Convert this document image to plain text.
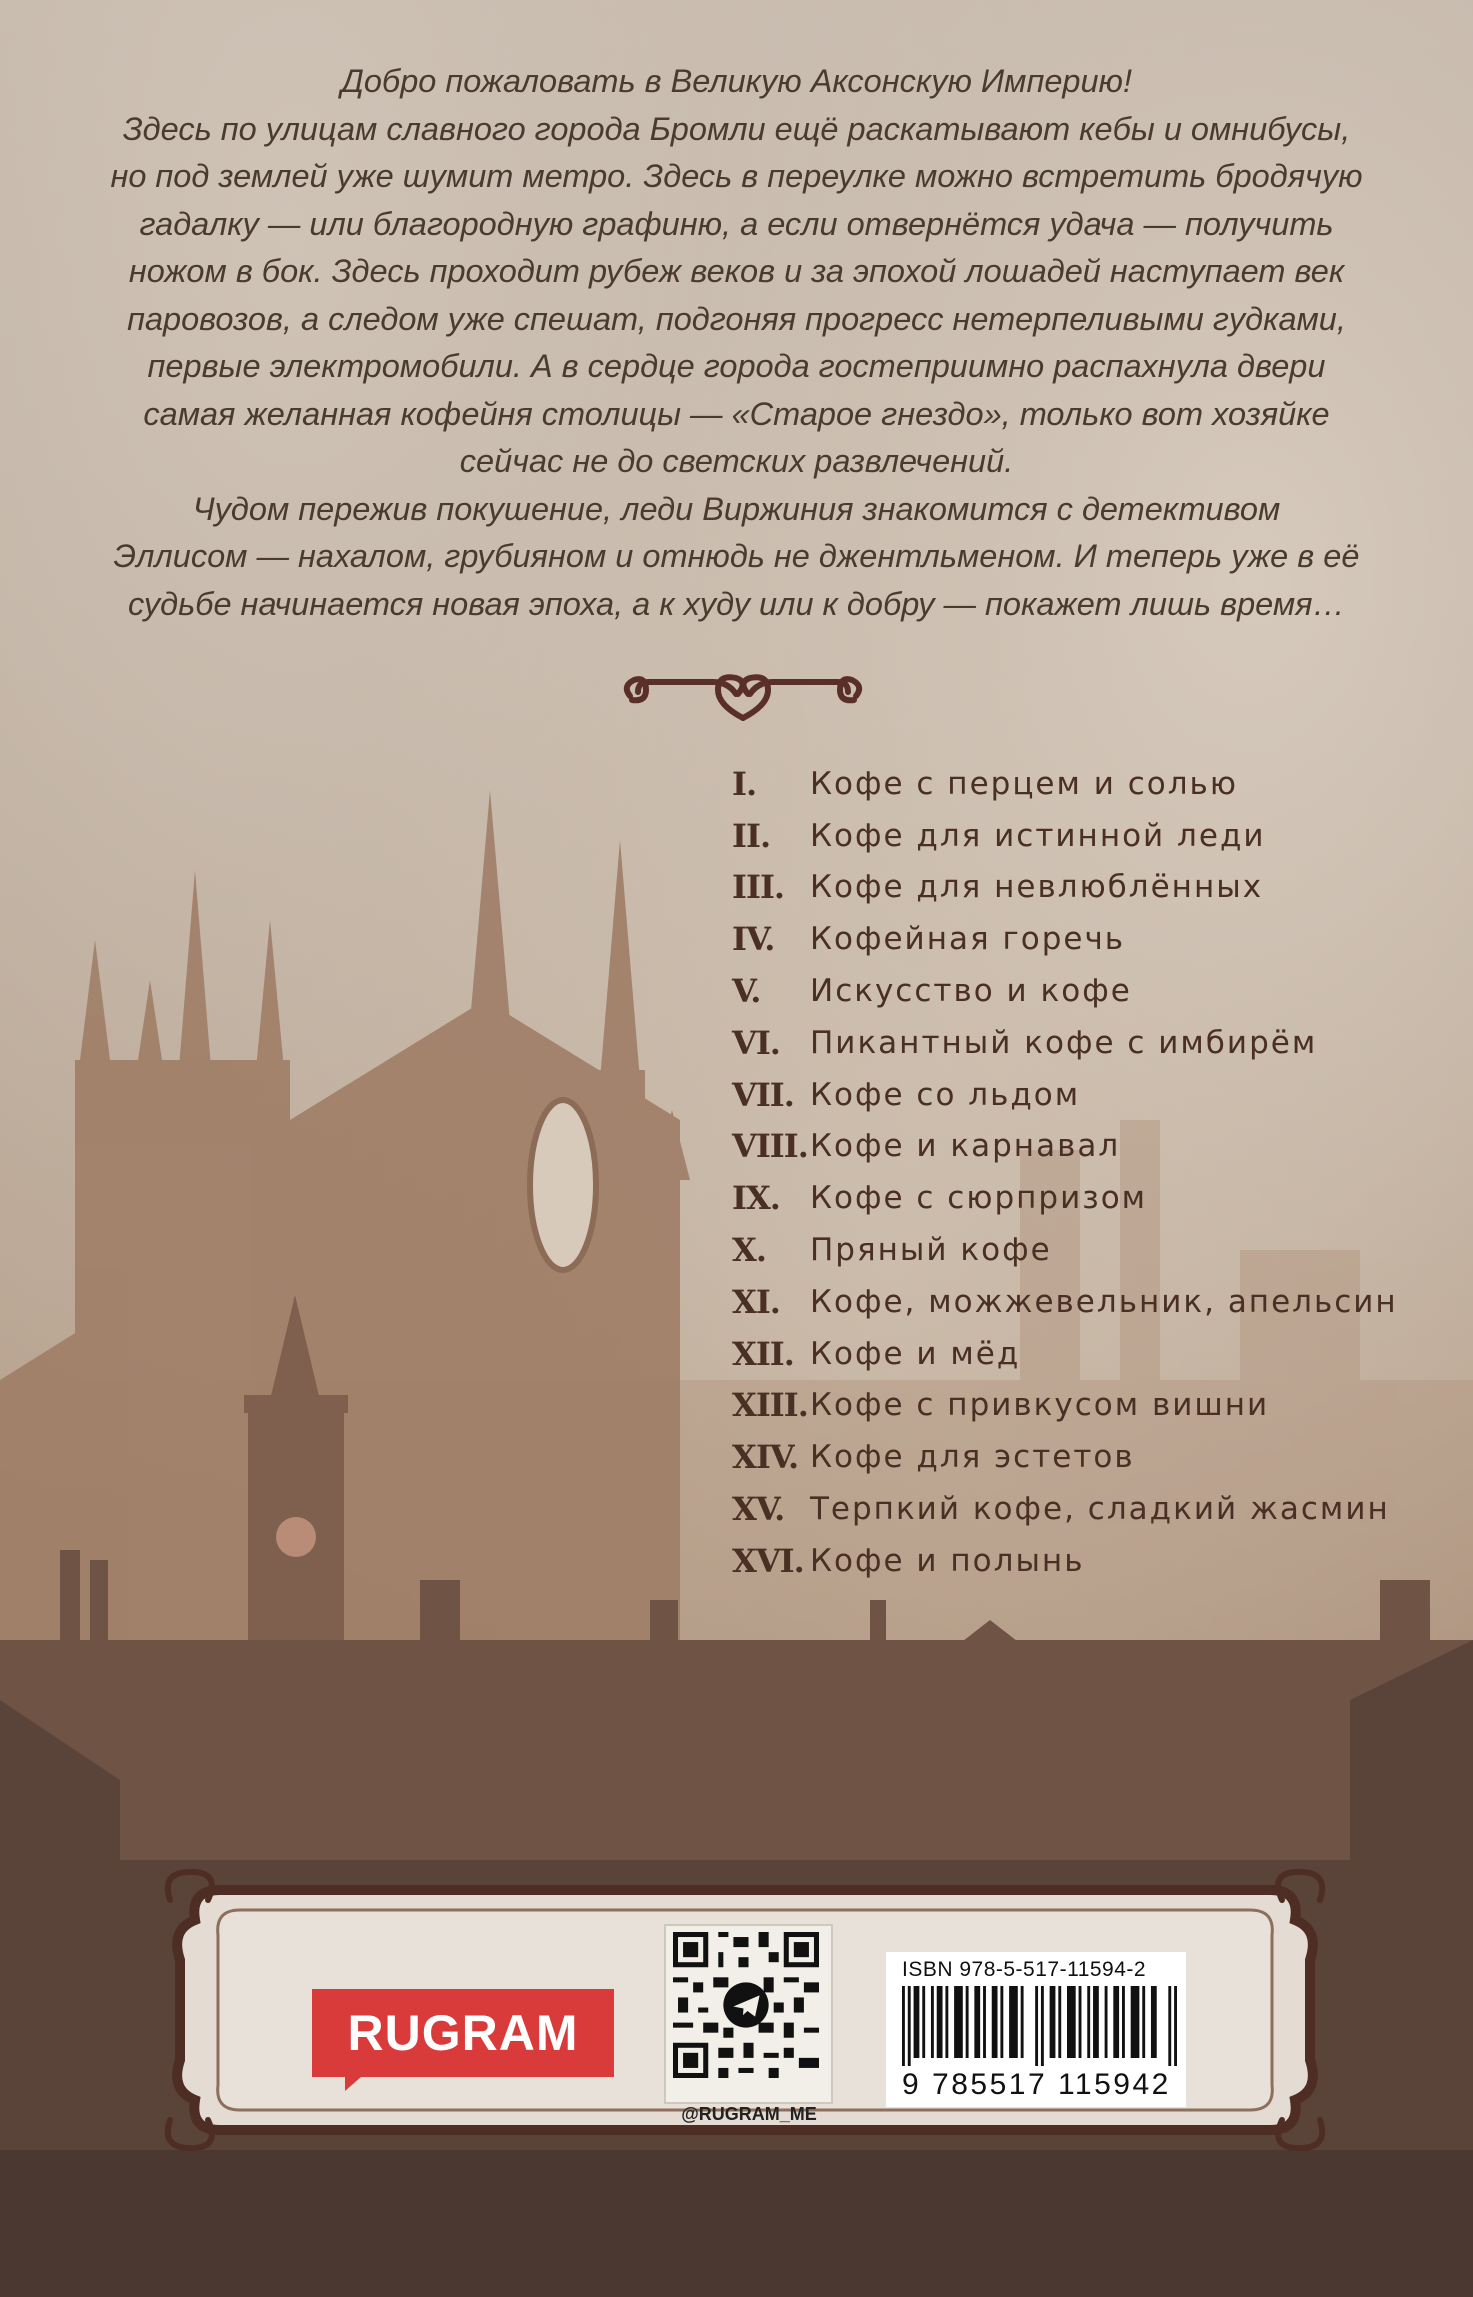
Добро пожаловать в Великую Аксонскую Империю!
Здесь по улицам славного города Бромли ещё раскатывают кебы и омнибусы,
но под землей уже шумит метро. Здесь в переулке можно встретить бродячую
гадалку — или благородную графиню, а если отвернётся удача — получить
ножом в бок. Здесь проходит рубеж веков и за эпохой лошадей наступает век
паровозов, а следом уже спешат, подгоняя прогресс нетерпеливыми гудками,
первые электромобили. А в сердце города гостеприимно распахнула двери
самая желанная кофейня столицы — «Старое гнездо», только вот хозяйке
сейчас не до светских развлечений.
Чудом пережив покушение, леди Виржиния знакомится с детективом
Эллисом — нахалом, грубияном и отнюдь не джентльменом. И теперь уже в её
судьбе начинается новая эпоха, а к худу или к добру — покажет лишь время…
I.	Кофе с перцем и солью
II.	Кофе для истинной леди
III. Кофе для невлюблённых
IV.	Кофейная горечь
V.	Искусство и кофе
VI. Пикантный кофе с имбирём
VII. Кофе со льдом
VIII. Кофе и карнавал
IX. Кофе с сюрпризом
X.	Пряный кофе
XI. Кофе, можжевельник, апельсин
XII. Кофе и мёд
XIII. Кофе с привкусом вишни
XIV. Кофе для эстетов
XV. Терпкий кофе, сладкий жасмин
XVI. Кофе и полынь
RUGRAM
@RUGRAM_ME
ISBN 978-5-517-11594-2
9 785517 115942
